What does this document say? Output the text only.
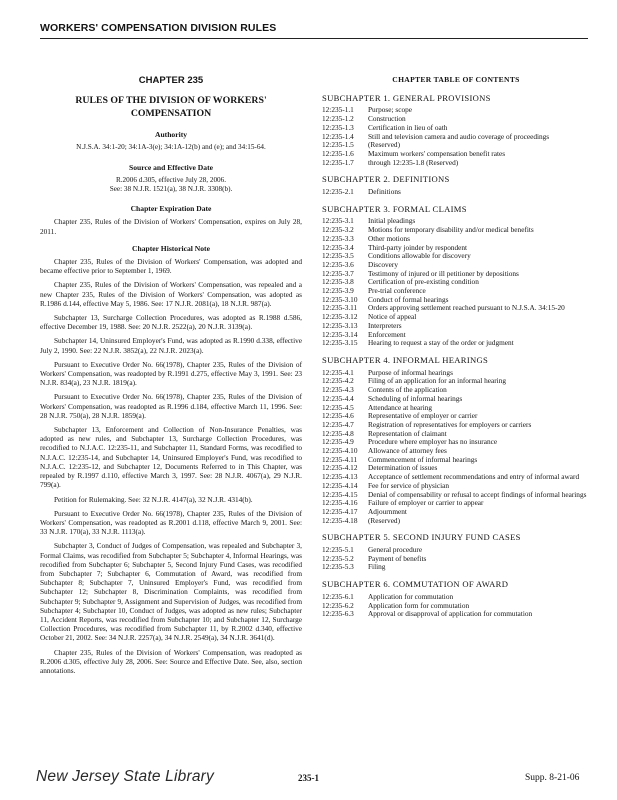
WORKERS' COMPENSATION DIVISION RULES
CHAPTER 235
RULES OF THE DIVISION OF WORKERS' COMPENSATION
Authority
N.J.S.A. 34:1-20; 34:1A-3(e); 34:1A-12(b) and (e); and 34:15-64.
Source and Effective Date
R.2006 d.305, effective July 28, 2006.
See: 38 N.J.R. 1521(a), 38 N.J.R. 3308(b).
Chapter Expiration Date

Chapter 235, Rules of the Division of Workers' Compensation, expires on July 28, 2011.

Chapter Historical Note

Chapter 235, Rules of the Division of Workers' Compensation, was adopted and became effective prior to September 1, 1969.

Chapter 235, Rules of the Division of Workers' Compensation, was repealed and a new Chapter 235, Rules of the Division of Workers' Compensation, was adopted as R.1986 d.144, effective May 5, 1986. See: 17 N.J.R. 2081(a), 18 N.J.R. 987(a).

Subchapter 13, Surcharge Collection Procedures, was adopted as R.1988 d.586, effective December 19, 1988. See: 20 N.J.R. 2522(a), 20 N.J.R. 3139(a).

Subchapter 14, Uninsured Employer's Fund, was adopted as R.1990 d.338, effective July 2, 1990. See: 22 N.J.R. 3852(a), 22 N.J.R. 2023(a).

Pursuant to Executive Order No. 66(1978), Chapter 235, Rules of the Division of Workers' Compensation, was readopted by R.1991 d.275, effective May 3, 1991. See: 23 N.J.R. 834(a), 23 N.J.R. 1819(a).

Pursuant to Executive Order No. 66(1978), Chapter 235, Rules of the Division of Workers' Compensation, was readopted as R.1996 d.184, effective March 11, 1996. See: 28 N.J.R. 750(a), 28 N.J.R. 1859(a).

Subchapter 13, Enforcement and Collection of Non-Insurance Penalties, was adopted as new rules, and Subchapter 13, Surcharge Collection Procedures, was recodified to N.J.A.C. 12:235-11, and Subchapter 11, Standard Forms, was recodified to N.J.A.C. 12:235-14, and Subchapter 14, Uninsured Employer's Fund, was recodified to N.J.A.C. 12:235-12, and Subchapter 12, Documents Referred to in This Chapter, was repealed by R.1997 d.110, effective March 3, 1997. See: 28 N.J.R. 4067(a), 29 N.J.R. 799(a).

Petition for Rulemaking. See: 32 N.J.R. 4147(a), 32 N.J.R. 4314(b).

Pursuant to Executive Order No. 66(1978), Chapter 235, Rules of the Division of Workers' Compensation, was readopted as R.2001 d.118, effective March 9, 2001. See: 33 N.J.R. 170(a), 33 N.J.R. 1113(a).

Subchapter 3, Conduct of Judges of Compensation, was repealed and Subchapter 3, Formal Claims, was recodified from Subchapter 5; Subchapter 4, Informal Hearings, was recodified from Subchapter 6; Subchapter 5, Second Injury Fund Cases, was recodified from Subchapter 7; Subchapter 6, Commutation of Award, was recodified from Subchapter 8; Subchapter 7, Uninsured Employer's Fund, was recodified from Subchapter 12; Subchapter 8, Discrimination Complaints, was recodified from Subchapter 9; Subchapter 9, Assignment and Supervision of Judges, was recodified from Subchapter 4; Subchapter 10, Conduct of Judges, was adopted as new rules; Subchapter 11, Accident Reports, was recodified from Subchapter 10; and Subchapter 12, Surcharge Collection Procedures, was recodified from Subchapter 11, by R.2002 d.340, effective October 21, 2002. See: 34 N.J.R. 2257(a), 34 N.J.R. 2549(a), 34 N.J.R. 3641(d).

Chapter 235, Rules of the Division of Workers' Compensation, was readopted as R.2006 d.305, effective July 28, 2006. See: Source and Effective Date. See, also, section annotations.

CHAPTER TABLE OF CONTENTS
SUBCHAPTER 1. GENERAL PROVISIONS
12:235-1.1	Purpose; scope
12:235-1.2	Construction
12:235-1.3	Certification in lieu of oath
12:235-1.4	Still and television camera and audio coverage of proceedings
12:235-1.5	(Reserved)
12:235-1.6	Maximum workers' compensation benefit rates
12:235-1.7	through 12:235-1.8 (Reserved)
SUBCHAPTER 2. DEFINITIONS
12:235-2.1	Definitions
SUBCHAPTER 3. FORMAL CLAIMS
12:235-3.1	Initial pleadings
12:235-3.2	Motions for temporary disability and/or medical benefits
12:235-3.3	Other motions
12:235-3.4	Third-party joinder by respondent
12:235-3.5	Conditions allowable for discovery
12:235-3.6	Discovery
12:235-3.7	Testimony of injured or ill petitioner by depositions
12:235-3.8	Certification of pre-existing condition
12:235-3.9	Pre-trial conference
12:235-3.10	Conduct of formal hearings
12:235-3.11	Orders approving settlement reached pursuant to N.J.S.A. 34:15-20
12:235-3.12	Notice of appeal
12:235-3.13	Interpreters
12:235-3.14	Enforcement
12:235-3.15	Hearing to request a stay of the order or judgment
SUBCHAPTER 4. INFORMAL HEARINGS
12:235-4.1	Purpose of informal hearings
12:235-4.2	Filing of an application for an informal hearing
12:235-4.3	Contents of the application
12:235-4.4	Scheduling of informal hearings
12:235-4.5	Attendance at hearing
12:235-4.6	Representative of employer or carrier
12:235-4.7	Registration of representatives for employers or carriers
12:235-4.8	Representation of claimant
12:235-4.9	Procedure where employer has no insurance
12:235-4.10	Allowance of attorney fees
12:235-4.11	Commencement of informal hearings
12:235-4.12	Determination of issues
12:235-4.13	Acceptance of settlement recommendations and entry of informal award
12:235-4.14	Fee for service of physician
12:235-4.15	Denial of compensability or refusal to accept findings of informal hearings
12:235-4.16	Failure of employer or carrier to appear
12:235-4.17	Adjournment
12:235-4.18	(Reserved)
SUBCHAPTER 5. SECOND INJURY FUND CASES
12:235-5.1	General procedure
12:235-5.2	Payment of benefits
12:235-5.3	Filing
SUBCHAPTER 6. COMMUTATION OF AWARD
12:235-6.1	Application for commutation
12:235-6.2	Application form for commutation
12:235-6.3	Approval or disapproval of application for commutation
New Jersey State Library	235-1	Supp. 8-21-06
